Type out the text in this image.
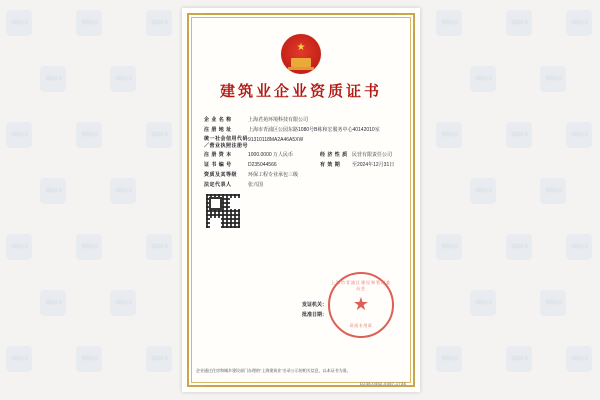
资质证书	资质证书	资质证书	资质证书	资质证书	资质证书
资质证书	资质证书	资质证书	资质证书
资质证书	资质证书	资质证书	资质证书	资质证书	资质证书
资质证书	资质证书	资质证书	资质证书
资质证书	资质证书	资质证书	资质证书	资质证书	资质证书
资质证书	资质证书	资质证书	资质证书
资质证书	资质证书	资质证书	资质证书	资质证书	资质证书
★
建筑业企业资质证书
企 业 名 称	上海君苑环境科技有限公司
注 册 地 址	上海市青浦区公园东路1080号B栋和宏服务中心40142010室
统一社会信用代码／营业执照注册号
91310118MA2A46A5XW
注 册 资 本	1000.0000 万人民币	经 济 性 质 民营有限责任公司
证 书 编 号	D235044566	有 效 期	至2024年12月31日
资质及其等级	环保工程专业承包三级
法定代表人	张兴国
发证机关：
批准日期：
上海市青浦区建设和管理委员会
★
资质专用章
企业通过住房和城乡建设部门办理的“上海建筑业”名录公示的相关信息，以本证书为准。
D235-0452-0457-1738
